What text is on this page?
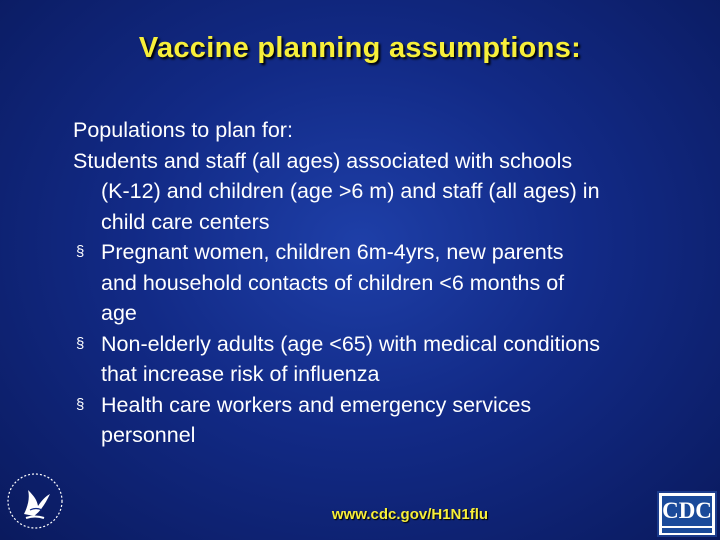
Vaccine planning assumptions:

Populations to plan for:

Students and staff (all ages) associated with schools

(K-12) and children (age >6 m) and staff (all ages) in

child care centers

§ Pregnant women, children 6m-4yrs, new parents

and household contacts of children <6 months of

age

§ Non-elderly adults (age <65) with medical conditions

that increase risk of influenza

§ Health care workers and emergency services

personnel

www.cdc.gov/H1N1flu	CDC
